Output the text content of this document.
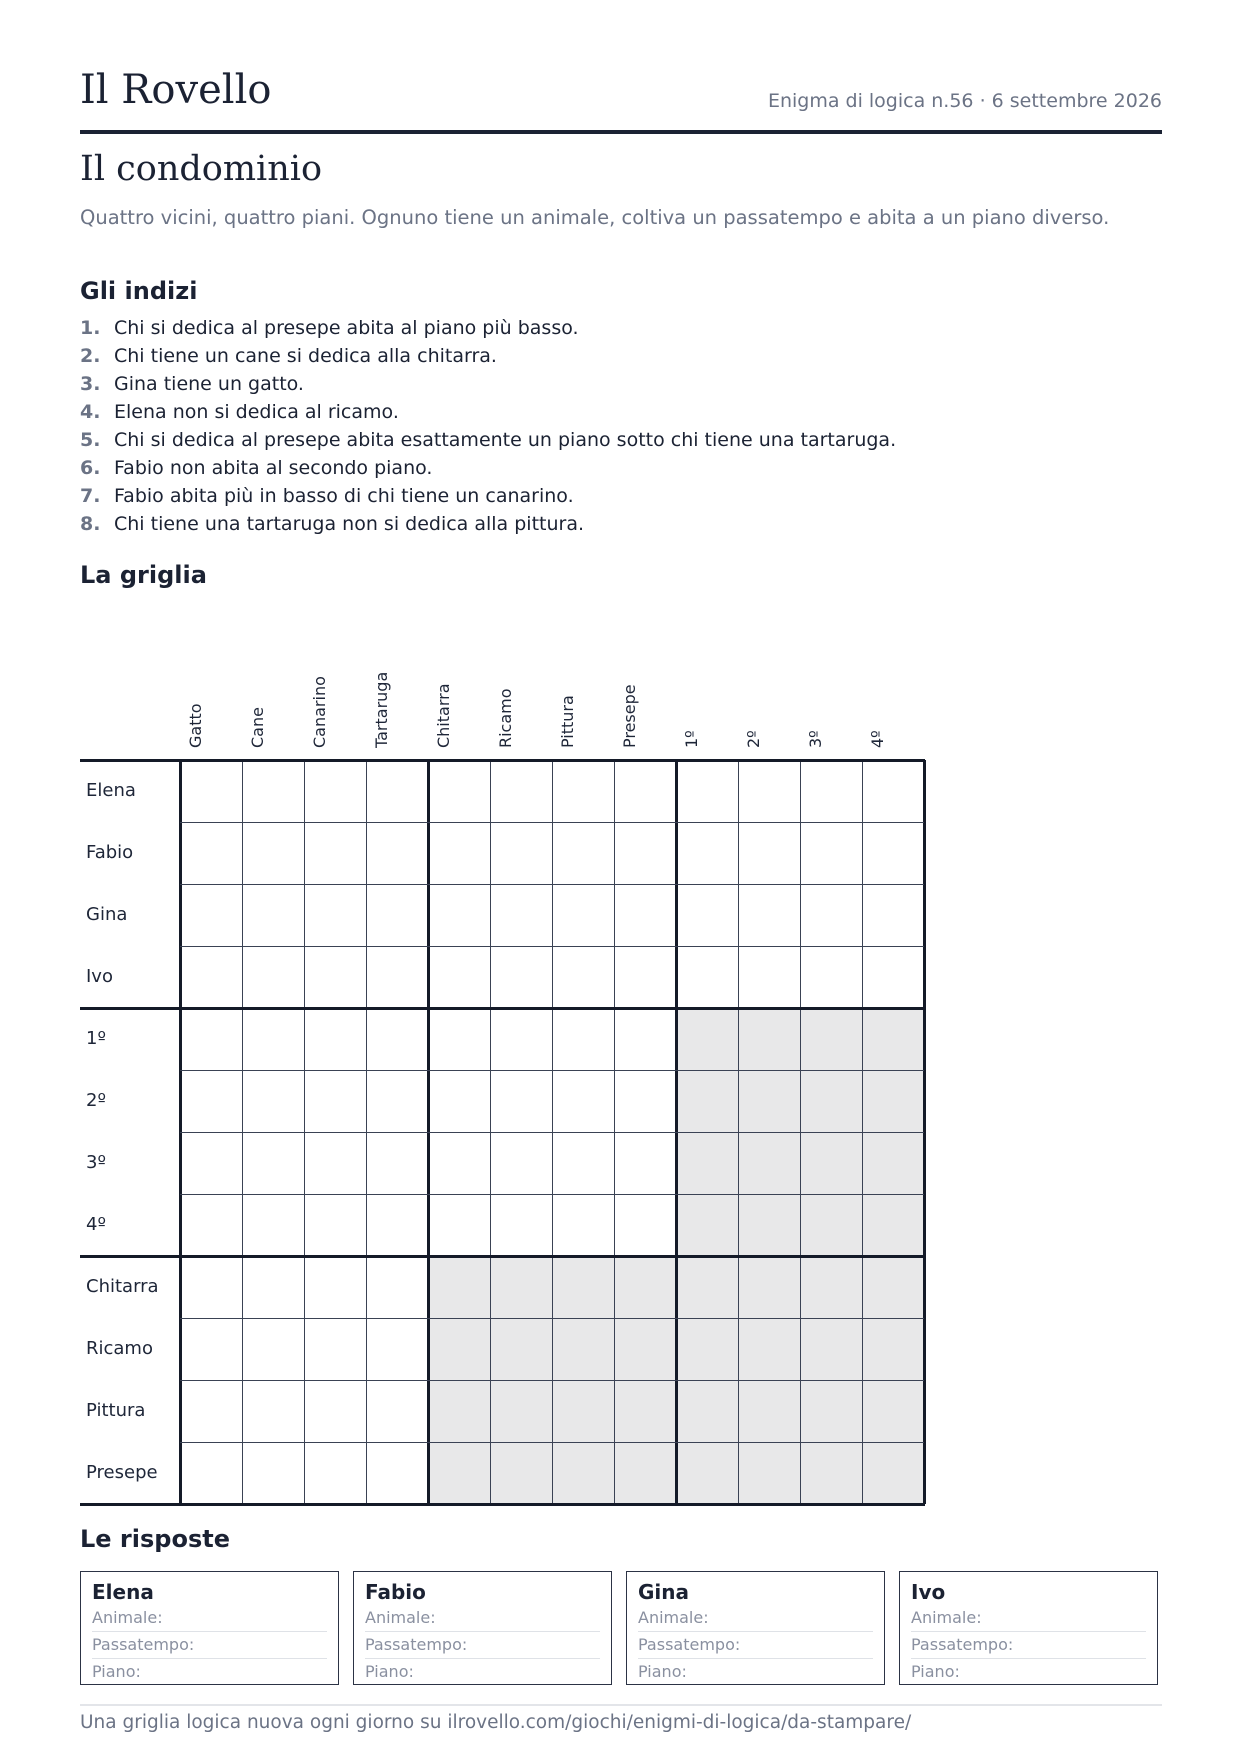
Il Rovello	Enigma di logica n.56 · 6 settembre 2026
Il condominio

Quattro vicini, quattro piani. Ognuno tiene un animale, coltiva un passatempo e abita a un piano diverso.

Gli indizi
1. Chi si dedica al presepe abita al piano più basso.
2. Chi tiene un cane si dedica alla chitarra.
3. Gina tiene un gatto.
4. Elena non si dedica al ricamo.
5. Chi si dedica al presepe abita esattamente un piano sotto chi tiene una tartaruga.
6. Fabio non abita al secondo piano.
7. Fabio abita più in basso di chi tiene un canarino.
8. Chi tiene una tartaruga non si dedica alla pittura.
La griglia
Gatto	Cane	Canarino	Tartaruga	Chitarra	Ricamo	Pittura	Presepe	1º	2º	3º	4º
Elena
Fabio
Gina
Ivo
1º
2º
3º
4º
Chitarra
Ricamo
Pittura
Presepe
Le risposte
Elena
Animale:
Passatempo:
Piano:
Fabio
Animale:
Passatempo:
Piano:
Gina
Animale:
Passatempo:
Piano:
Ivo
Animale:
Passatempo:
Piano:
Una griglia logica nuova ogni giorno su ilrovello.com/giochi/enigmi-di-logica/da-stampare/
